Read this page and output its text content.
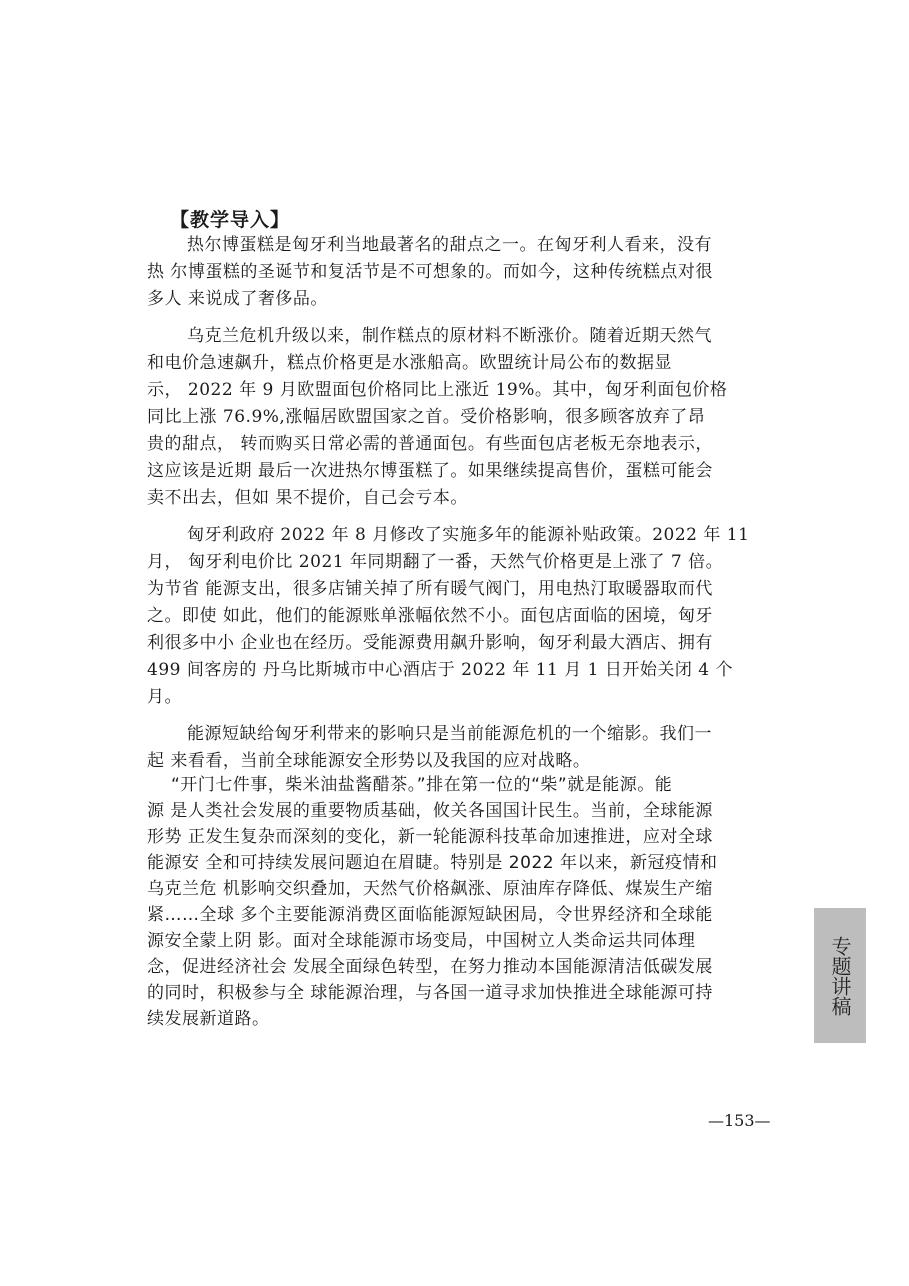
【教学导入】

热尔博蛋糕是匈牙利当地最著名的甜点之一。在匈牙利人看来，没有
热 尔博蛋糕的圣诞节和复活节是不可想象的。而如今，这种传统糕点对很
多人 来说成了奢侈品。

乌克兰危机升级以来，制作糕点的原材料不断涨价。随着近期天然气
和电价急速飙升，糕点价格更是水涨船高。欧盟统计局公布的数据显
示， 2022 年 9 月欧盟面包价格同比上涨近 19%。其中，匈牙利面包价格
同比上涨 76.9%,涨幅居欧盟国家之首。受价格影响，很多顾客放弃了昂
贵的甜点， 转而购买日常必需的普通面包。有些面包店老板无奈地表示，
这应该是近期 最后一次进热尔博蛋糕了。如果继续提高售价，蛋糕可能会
卖不出去，但如 果不提价，自己会亏本。

匈牙利政府 2022 年 8 月修改了实施多年的能源补贴政策。2022 年 11
月， 匈牙利电价比 2021 年同期翻了一番，天然气价格更是上涨了 7 倍。
为节省 能源支出，很多店铺关掉了所有暖气阀门，用电热汀取暖器取而代
之。即使 如此，他们的能源账单涨幅依然不小。面包店面临的困境，匈牙
利很多中小 企业也在经历。受能源费用飙升影响，匈牙利最大酒店、拥有
499 间客房的 丹乌比斯城市中心酒店于 2022 年 11 月 1 日开始关闭 4 个
月。

能源短缺给匈牙利带来的影响只是当前能源危机的一个缩影。我们一
起 来看看，当前全球能源安全形势以及我国的应对战略。

“开门七件事，柴米油盐酱醋茶。”排在第一位的“柴”就是能源。能
源 是人类社会发展的重要物质基础，攸关各国国计民生。当前，全球能源
形势 正发生复杂而深刻的变化，新一轮能源科技革命加速推进，应对全球
能源安 全和可持续发展问题迫在眉睫。特别是 2022 年以来，新冠疫情和
乌克兰危 机影响交织叠加，天然气价格飙涨、原油库存降低、煤炭生产缩
紧……全球 多个主要能源消费区面临能源短缺困局，令世界经济和全球能
源安全蒙上阴 影。面对全球能源市场变局，中国树立人类命运共同体理
念，促进经济社会 发展全面绿色转型，在努力推动本国能源清洁低碳发展
的同时，积极参与全 球能源治理，与各国一道寻求加快推进全球能源可持
续发展新道路。
专题讲稿
—153—
